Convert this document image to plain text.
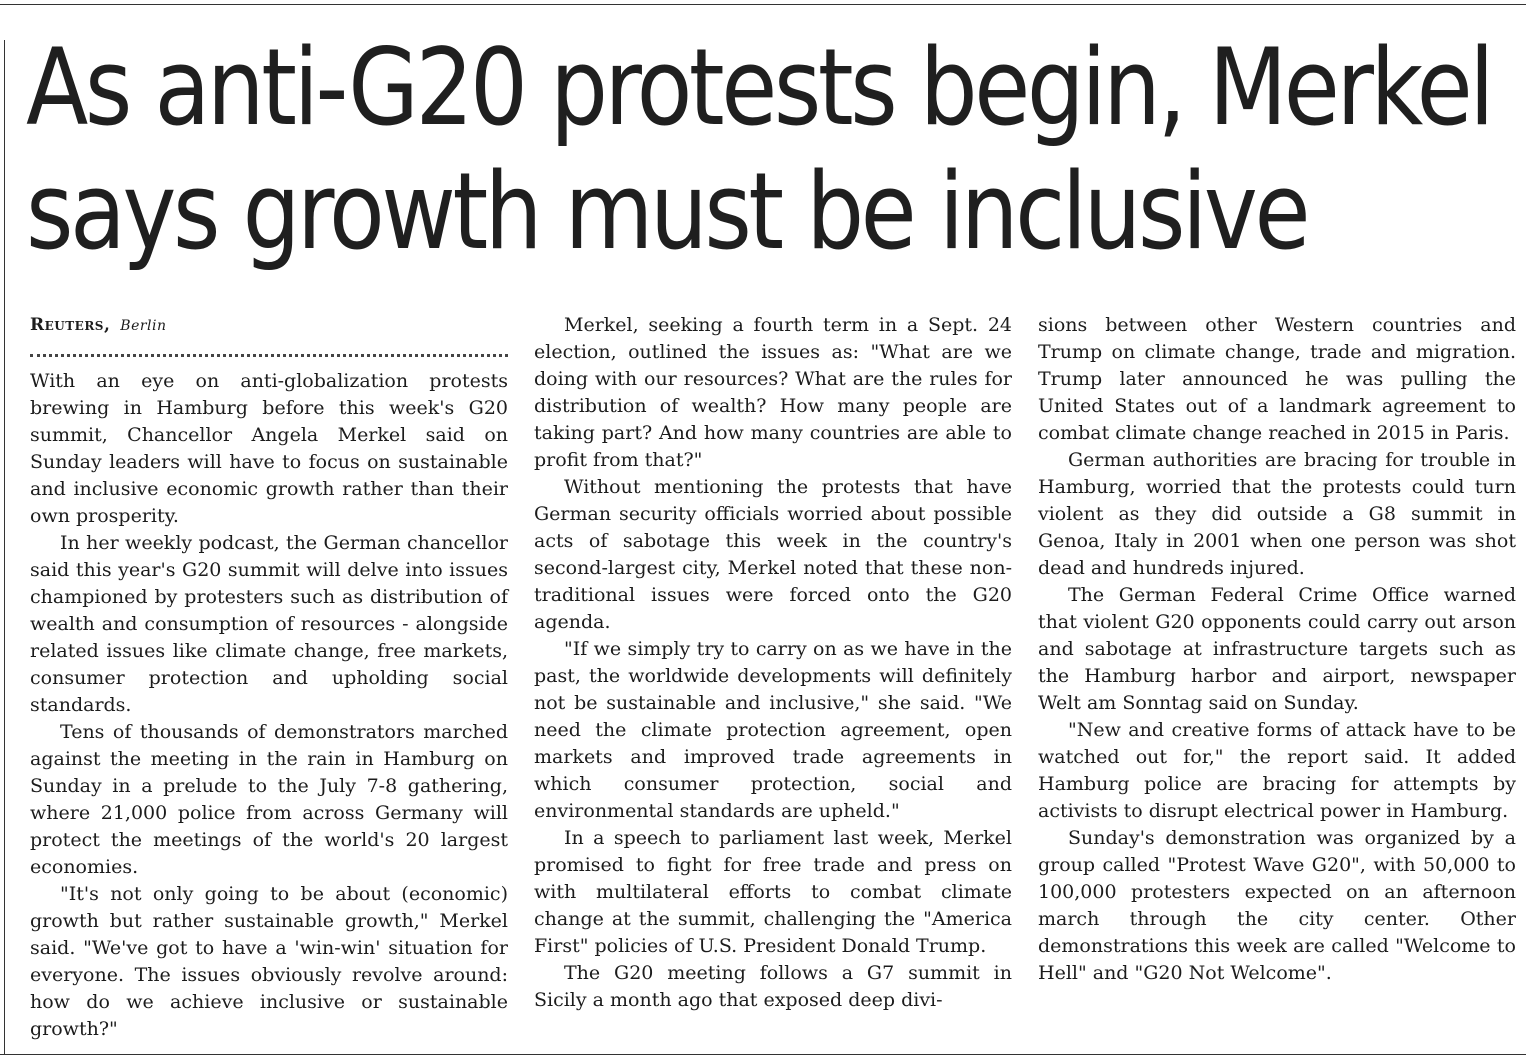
As anti-G20 protests begin, Merkel
says growth must be inclusive
Reuters, Berlin

With an eye on anti-globalization protests brewing in Hamburg before this week's G20 summit, Chancellor Angela Merkel said on Sunday leaders will have to focus on sustainable and inclusive economic growth rather than their own prosperity.

In her weekly podcast, the German chancellor said this year's G20 summit will delve into issues championed by protesters such as distribution of wealth and consumption of resources - alongside related issues like climate change, free markets, consumer protection and upholding social standards.

Tens of thousands of demonstrators marched against the meeting in the rain in Hamburg on Sunday in a prelude to the July 7-8 gathering, where 21,000 police from across Germany will protect the meetings of the world's 20 largest economies.

"It's not only going to be about (economic) growth but rather sustainable growth," Merkel said. "We've got to have a 'win-win' situation for everyone. The issues obviously revolve around: how do we achieve inclusive or sustainable growth?"

Merkel, seeking a fourth term in a Sept. 24 election, outlined the issues as: "What are we doing with our resources? What are the rules for distribution of wealth? How many people are taking part? And how many countries are able to profit from that?"

Without mentioning the protests that have German security officials worried about possible acts of sabotage this week in the country's second-largest city, Merkel noted that these non-traditional issues were forced onto the G20 agenda.

"If we simply try to carry on as we have in the past, the worldwide developments will definitely not be sustainable and inclusive," she said. "We need the climate protection agreement, open markets and improved trade agreements in which consumer protection, social and environmental standards are upheld."

In a speech to parliament last week, Merkel promised to fight for free trade and press on with multilateral efforts to combat climate change at the summit, challenging the "America First" policies of U.S. President Donald Trump.

The G20 meeting follows a G7 summit in Sicily a month ago that exposed deep divi-

sions between other Western countries and Trump on climate change, trade and migration. Trump later announced he was pulling the United States out of a landmark agreement to combat climate change reached in 2015 in Paris.

German authorities are bracing for trouble in Hamburg, worried that the protests could turn violent as they did outside a G8 summit in Genoa, Italy in 2001 when one person was shot dead and hundreds injured.

The German Federal Crime Office warned that violent G20 opponents could carry out arson and sabotage at infrastructure targets such as the Hamburg harbor and airport, newspaper Welt am Sonntag said on Sunday.

"New and creative forms of attack have to be watched out for," the report said. It added Hamburg police are bracing for attempts by activists to disrupt electrical power in Hamburg.

Sunday's demonstration was organized by a group called "Protest Wave G20", with 50,000 to 100,000 protesters expected on an afternoon march through the city center. Other demonstrations this week are called "Welcome to Hell" and "G20 Not Welcome".
